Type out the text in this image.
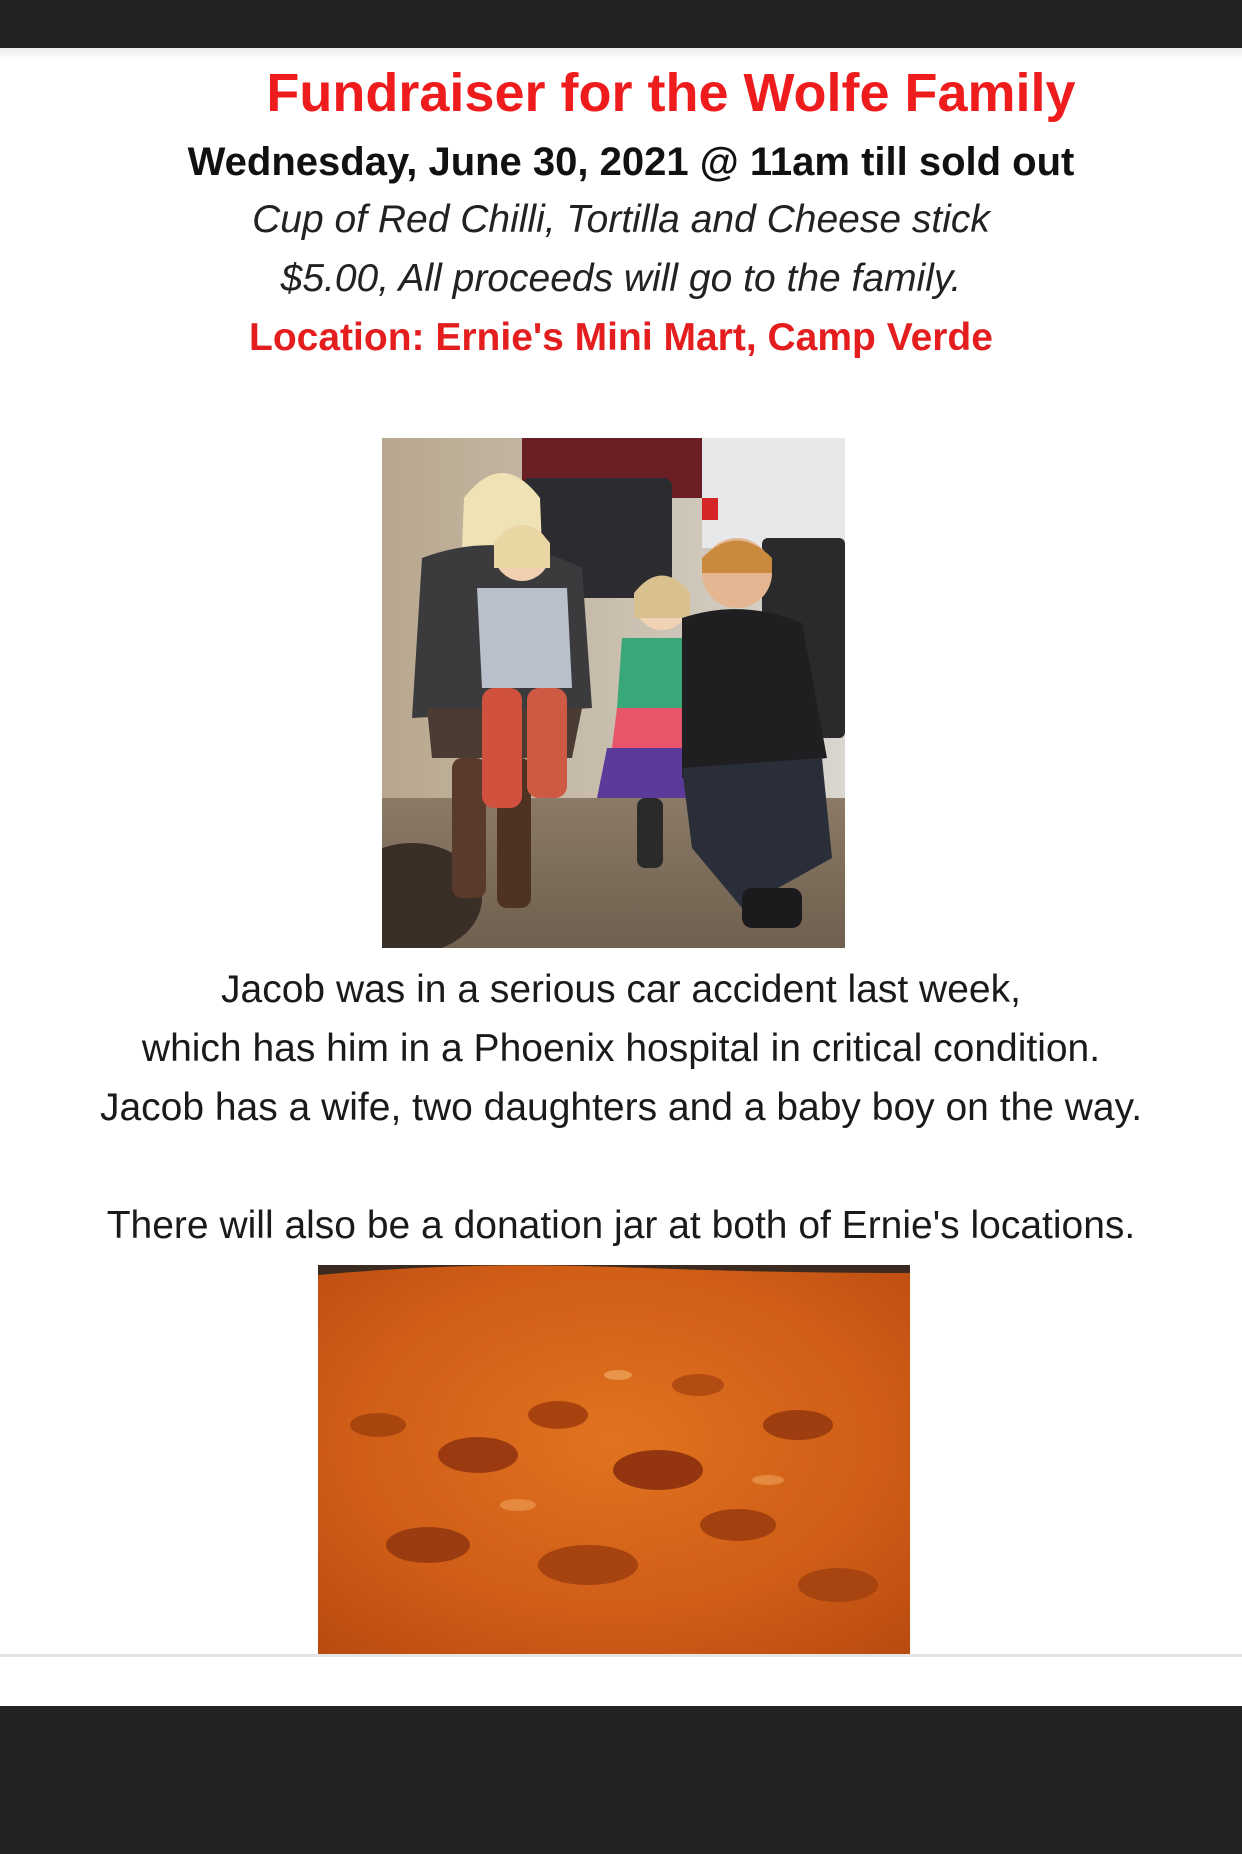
Fundraiser for the Wolfe Family
Wednesday, June 30, 2021 @ 11am till sold out
Cup of Red Chilli, Tortilla and Cheese stick
$5.00, All proceeds will go to the family.
Location: Ernie's Mini Mart, Camp Verde
Jacob was in a serious car accident last week,
which has him in a Phoenix hospital in critical condition.
Jacob has a wife, two daughters and a baby boy on the way.
There will also be a donation jar at both of Ernie's locations.
